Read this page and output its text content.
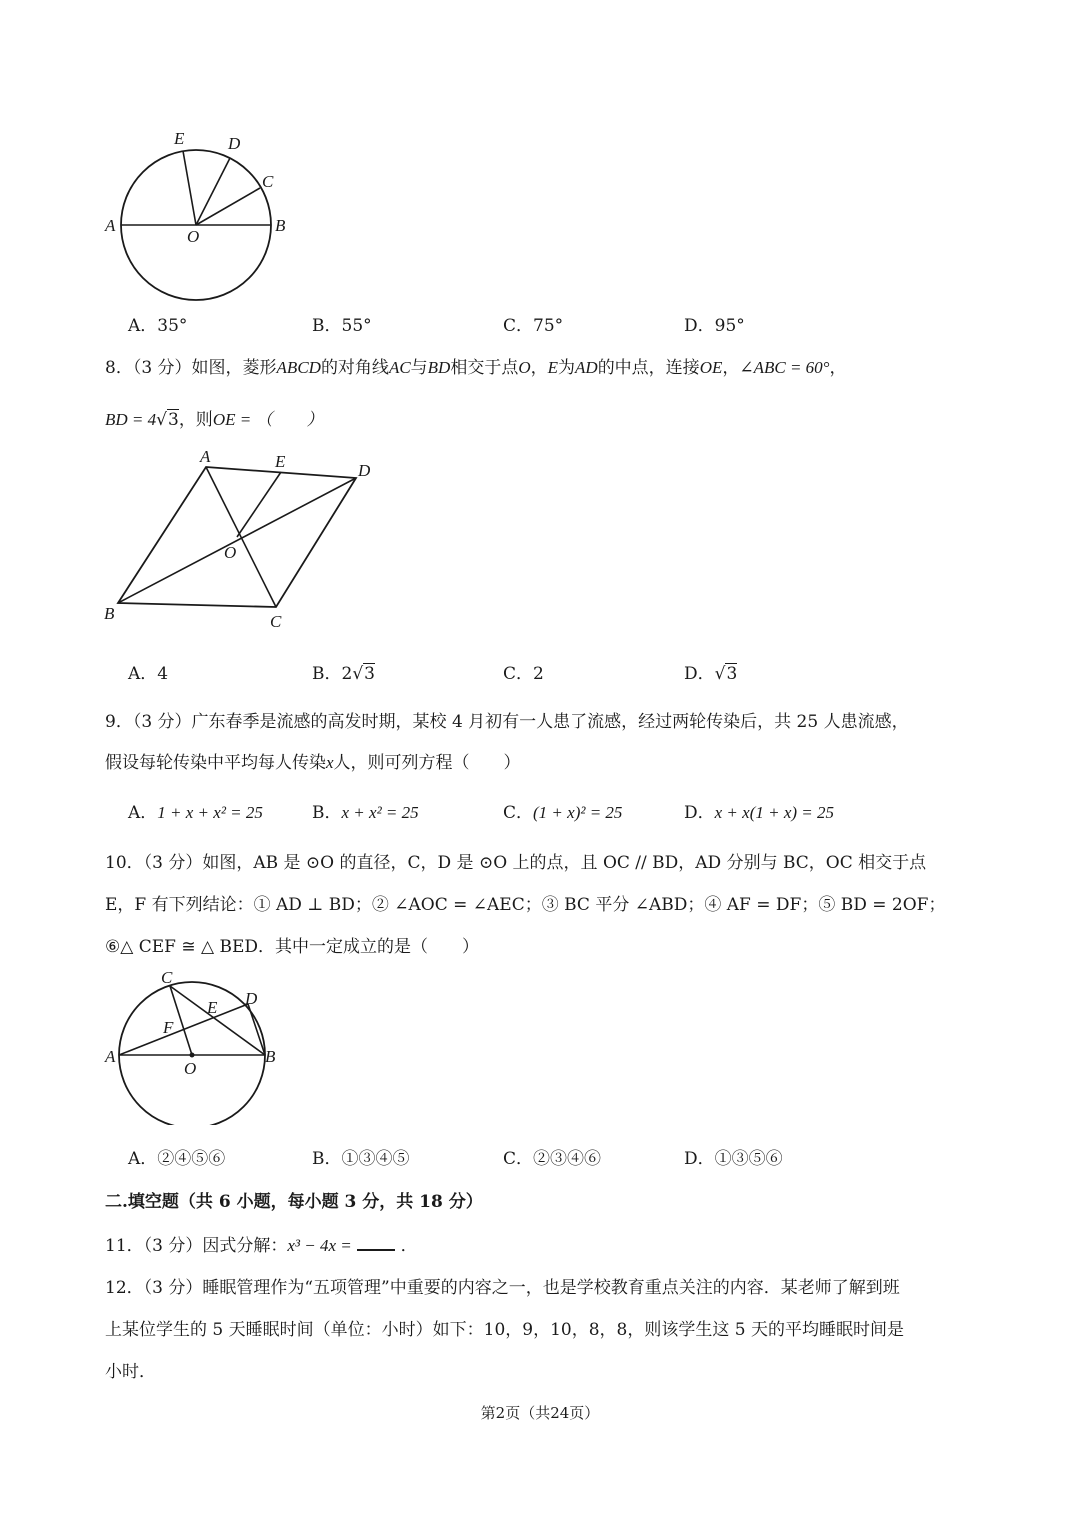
E	D
C
A
O
B
A．35°	B．55°	C．75°	D．95°
8．（3 分）如图，菱形ABCD的对角线AC与BD相交于点O，E为AD的中点，连接OE，∠ABC = 60°，
BD = 4√3，则OE = （　　）
A	E	D
O
B	C
A．4	B．2√3	C．2	D．√3
9．（3 分）广东春季是流感的高发时期，某校 4 月初有一人患了流感，经过两轮传染后，共 25 人患流感，
假设每轮传染中平均每人传染x人，则可列方程（　　）
A．1 + x + x² = 25	B．x + x² = 25	C．(1 + x)² = 25	D．x + x(1 + x) = 25
10．（3 分）如图，AB 是 ⊙O 的直径，C，D 是 ⊙O 上的点，且 OC // BD，AD 分别与 BC，OC 相交于点
E，F 有下列结论：① AD ⊥ BD；② ∠AOC = ∠AEC；③ BC 平分 ∠ABD；④ AF = DF；⑤ BD = 2OF；
⑥△ CEF ≅ △ BED．其中一定成立的是（　　）
C
D
E
F
A
O
B
A．②④⑤⑥	B．①③④⑤	C．②③④⑥	D．①③⑤⑥
二.填空题（共 6 小题，每小题 3 分，共 18 分）
11．（3 分）因式分解：x³ − 4x =	．
12．（3 分）睡眠管理作为“五项管理”中重要的内容之一，也是学校教育重点关注的内容．某老师了解到班
上某位学生的 5 天睡眠时间（单位：小时）如下：10，9，10，8，8，则该学生这 5 天的平均睡眠时间是
小时．
第2页（共24页）
